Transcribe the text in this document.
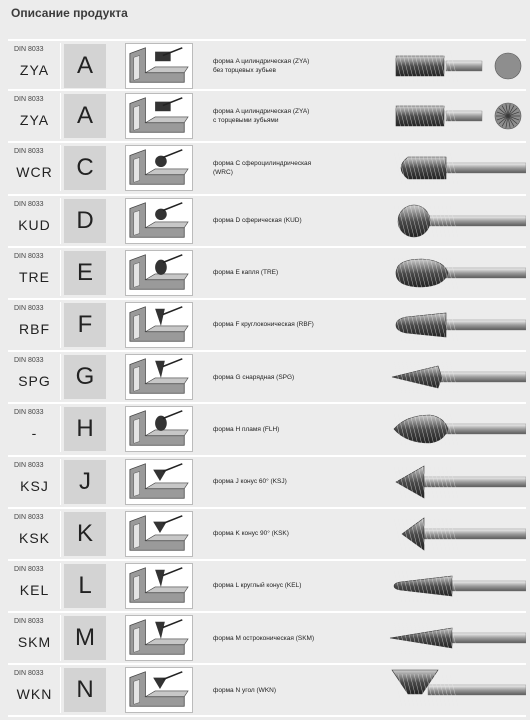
Описание продукта
DIN 8033
ZYA	A	форма A цилиндрическая (ZYA)
без торцевых зубьев
DIN 8033
ZYA	A	форма A цилиндрическая (ZYA)
с торцевыми зубьями
DIN 8033
WCR C	форма C сфероцилиндрическая
(WRC)
DIN 8033
KUD	D	форма D сферическая (KUD)
DIN 8033
TRE	E	форма E капля (TRE)
DIN 8033
RBF	F	форма F круглоконическая (RBF)
DIN 8033
SPG	G	форма G снарядная (SPG)
DIN 8033
-	H	форма H пламя (FLH)
DIN 8033
KSJ	J	форма J конус 60° (KSJ)
DIN 8033
KSK	K	форма K конус 90° (KSK)
DIN 8033
KEL	L	форма L круглый конус (KEL)
DIN 8033
SKM M	форма M остроконическая (SKM)
DIN 8033
WKN	N	форма N угол (WKN)
